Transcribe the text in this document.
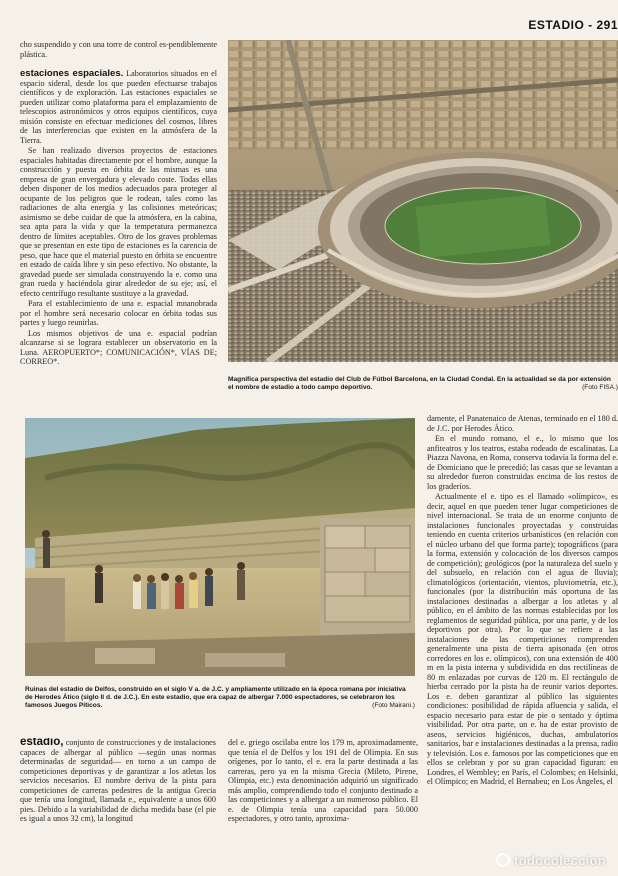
ESTADIO - 291

cho suspendido y con una torre de control es-pendiblemente plástica.

estaciones espaciales. Laboratorios situados en el espacio sideral, desde los que pueden efectuarse trabajos científicos y de exploración. Las estaciones espaciales se pueden utilizar como plataforma para el emplazamiento de telescopios astronómicos y otros equipos científicos, cuya misión consiste en efectuar mediciones del cosmos, libres de las interferencias que existen en la atmósfera de la Tierra.

Se han realizado diversos proyectos de estaciones espaciales habitadas directamente por el hombre, aunque la construcción y puesta en órbita de las mismas es una empresa de gran envergadura y elevado coste. Todas ellas deben disponer de los medios adecuados para proteger al ocupante de los peligros que le rodean, tales como las radiaciones de alta energía y las colisiones meteóricas; asimismo se debe cuidar de que la atmósfera, en la cabina, sea apta para la vida y que la temperatura permanezca dentro de límites aceptables. Otro de los graves problemas que se presentan en este tipo de estaciones es la carencia de peso, que hace que el material puesto en órbita se encuentre en estado de caída libre y sin peso efectivo. No obstante, la gravedad puede ser simulada construyendo la e. como una gran rueda y haciéndola girar alrededor de su eje; así, el efecto centrífugo resultante sustituye a la gravedad.

Para el establecimiento de una e. espacial mnanobrada por el hombre será necesario colocar en órbita todas sus partes y luego reunirlas.

Los mismos objetivos de una e. espacial podrían alcanzarse si se lograra establecer un observatorio en la Luna. AEROPUERTO*; COMUNICACIÓN*, VÍAS DE; CORREO*.

Magnífica perspectiva del estadio del Club de Fútbol Barcelona, en la Ciudad Condal. En la actualidad se da por extensión el nombre de estadio a todo campo deportivo.	(Foto FISA.)
Ruinas del estadio de Delfos, construido en el siglo V a. de J.C. y ampliamente utilizado en la época romana por iniciativa de Herodes Ático (siglo II d. de J.C.). En este estadio, que era capaz de albergar 7.000 espectadores, se celebraron los famosos Juegos Píticos.	(Foto Mairani.)

damente, el Panatenaico de Atenas, terminado en el 180 d. de J.C. por Herodes Ático.

En el mundo romano, el e., lo mismo que los anfiteatros y los teatros, estaba rodeado de escalinatas. La Piazza Navona, en Roma, conserva todavía la forma del e. de Domiciano que le precedió; las casas que se levantan a su alrededor fueron construidas encima de los restos de los graderíos.

Actualmente el e. tipo es el llamado «olímpico», es decir, aquel en que pueden tener lugar competiciones de nivel internacional. Se trata de un enorme conjunto de instalaciones funcionales proyectadas y construidas teniendo en cuenta criterios urbanísticos (en relación con el núcleo urbano del que forma parte); topográficos (para la forma, extensión y colocación de los diversos campos de competición); geológicos (por la naturaleza del suelo y del subsuelo, en relación con el agua de lluvia); climatológicos (orientación, vientos, pluviometría, etc.), funcionales (por la distribución más oportuna de las instalaciones destinadas a albergar a los atletas y al público, en el ámbito de las normas establecidas por los reglamentos de seguridad pública, por una parte, y de los deportivos por otra). Por lo que se refiere a las instalaciones de las competiciones comprenden generalmente una pista de tierra apisonada (en otros corredores en los e. olímpicos), con una extensión de 400 m en la pista interna y subdividida en dos rectilíneas de 80 m enlazadas por curvas de 120 m. El rectángulo de hierba cerrado por la pista ha de reunir varios deportes. Los e. deben garantizar al público las siguientes condiciones: posibilidad de rápida afluencia y salida, el espacio necesario para estar de pie o sentado y óptima visibilidad. Por otra parte, un e. ha de estar provisto de aseos, servicios higiénicos, duchas, ambulatorios sanitarios, bar e instalaciones destinadas a la prensa, radio y televisión. Los e. famosos por las competiciones que en ellos se celebran y por su gran capacidad figuran: en Londres, el Wembley; en París, el Colombes; en Helsinki, el Olímpico; en Madrid, el Bernabeu; en Los Ángeles, el

estadio, conjunto de construcciones y de instalaciones capaces de albergar al público —según unas normas determinadas de seguridad— en torno a un campo de competiciones deportivas y de garantizar a los atletas los servicios necesarios. El nombre deriva de la pista para competiciones de carreras pedestres de la antigua Grecia que tenía una longitud, llamada e., equivalente a unos 600 pies. Debido a la variabilidad de dicha medida base (el pie es igual a unos 32 cm), la longitud

del e. griego oscilaba entre los 179 m, aproximadamente, que tenía el de Delfos y los 191 del de Olimpia. En sus orígenes, por lo tanto, el e. era la parte destinada a las carreras, pero ya en la misma Grecia (Mileto, Pirene, Olimpia, etc.) esta denominación adquirió un significado más amplio, comprendiendo todo el conjunto destinado a las competiciones y a albergar a un numeroso público. El e. de Olimpia tenía una capacidad para 50.000 espectadores, y otro tanto, aproxima-

todocoleccion
